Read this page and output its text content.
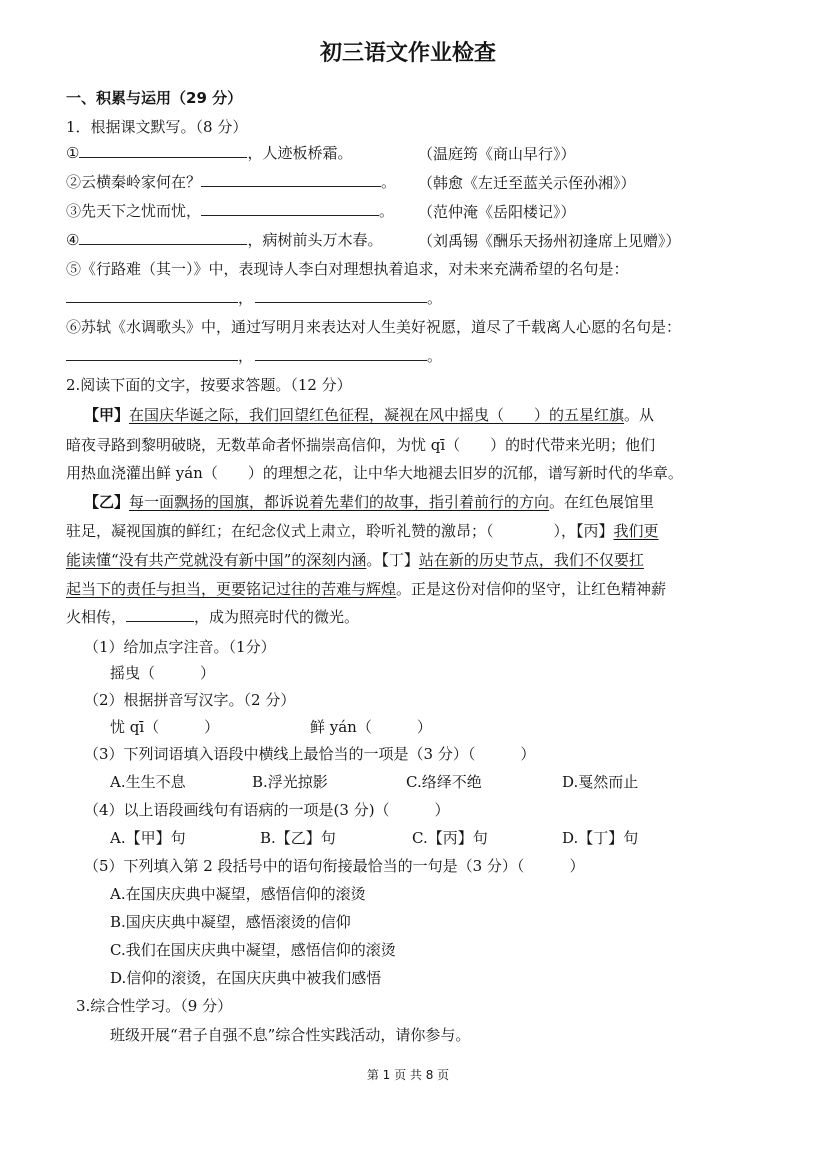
初三语文作业检查
一、积累与运用（29 分）
1．根据课文默写。（8 分）
①	，人迹板桥霜。	（温庭筠《商山早行》）
②云横秦岭家何在？	。 （韩愈《左迁至蓝关示侄孙湘》）
③先天下之忧而忧，	。 （范仲淹《岳阳楼记》）
④	，病树前头万木春。 （刘禹锡《酬乐天扬州初逢席上见赠》）
⑤《行路难（其一）》中，表现诗人李白对理想执着追求，对未来充满希望的名句是：
，	。
⑥苏轼《水调歌头》中，通过写明月来表达对人生美好祝愿，道尽了千载离人心愿的名句是：
，	。
2.阅读下面的文字，按要求答题。（12 分）
【甲】在国庆华诞之际，我们回望红色征程，凝视在风中摇曳（　　）的五星红旗。从
暗夜寻路到黎明破晓，无数革命者怀揣崇高信仰，为忧 qī（　　）的时代带来光明；他们
用热血浇灌出鲜 yán（　　）的理想之花，让中华大地褪去旧岁的沉郁，谱写新时代的华章。
【乙】每一面飘扬的国旗，都诉说着先辈们的故事，指引着前行的方向。在红色展馆里
驻足，凝视国旗的鲜红；在纪念仪式上肃立，聆听礼赞的激昂；（　　　　），【丙】我们更
能读懂“没有共产党就没有新中国”的深刻内涵。【丁】站在新的历史节点，我们不仅要扛
起当下的责任与担当，更要铭记过往的苦难与辉煌。正是这份对信仰的坚守，让红色精神薪
火相传，	，成为照亮时代的微光。
（1）给加点字注音。（1分）
摇曳（　　　）
（2）根据拼音写汉字。（2 分）
忧 qī（　　　）	鲜 yán（　　　）
（3）下列词语填入语段中横线上最恰当的一项是（3 分）（　　　）
A.生生不息	B.浮光掠影	C.络绎不绝	D.戛然而止
（4）以上语段画线句有语病的一项是(3 分)（　　　）
A.【甲】句	B.【乙】句	C.【丙】句	D.【丁】句
（5）下列填入第 2 段括号中的语句衔接最恰当的一句是（3 分）（　　　）
A.在国庆庆典中凝望，感悟信仰的滚烫
B.国庆庆典中凝望，感悟滚烫的信仰
C.我们在国庆庆典中凝望，感悟信仰的滚烫
D.信仰的滚烫，在国庆庆典中被我们感悟
3.综合性学习。（9 分）
班级开展“君子自强不息”综合性实践活动，请你参与。
第 1 页 共 8 页
